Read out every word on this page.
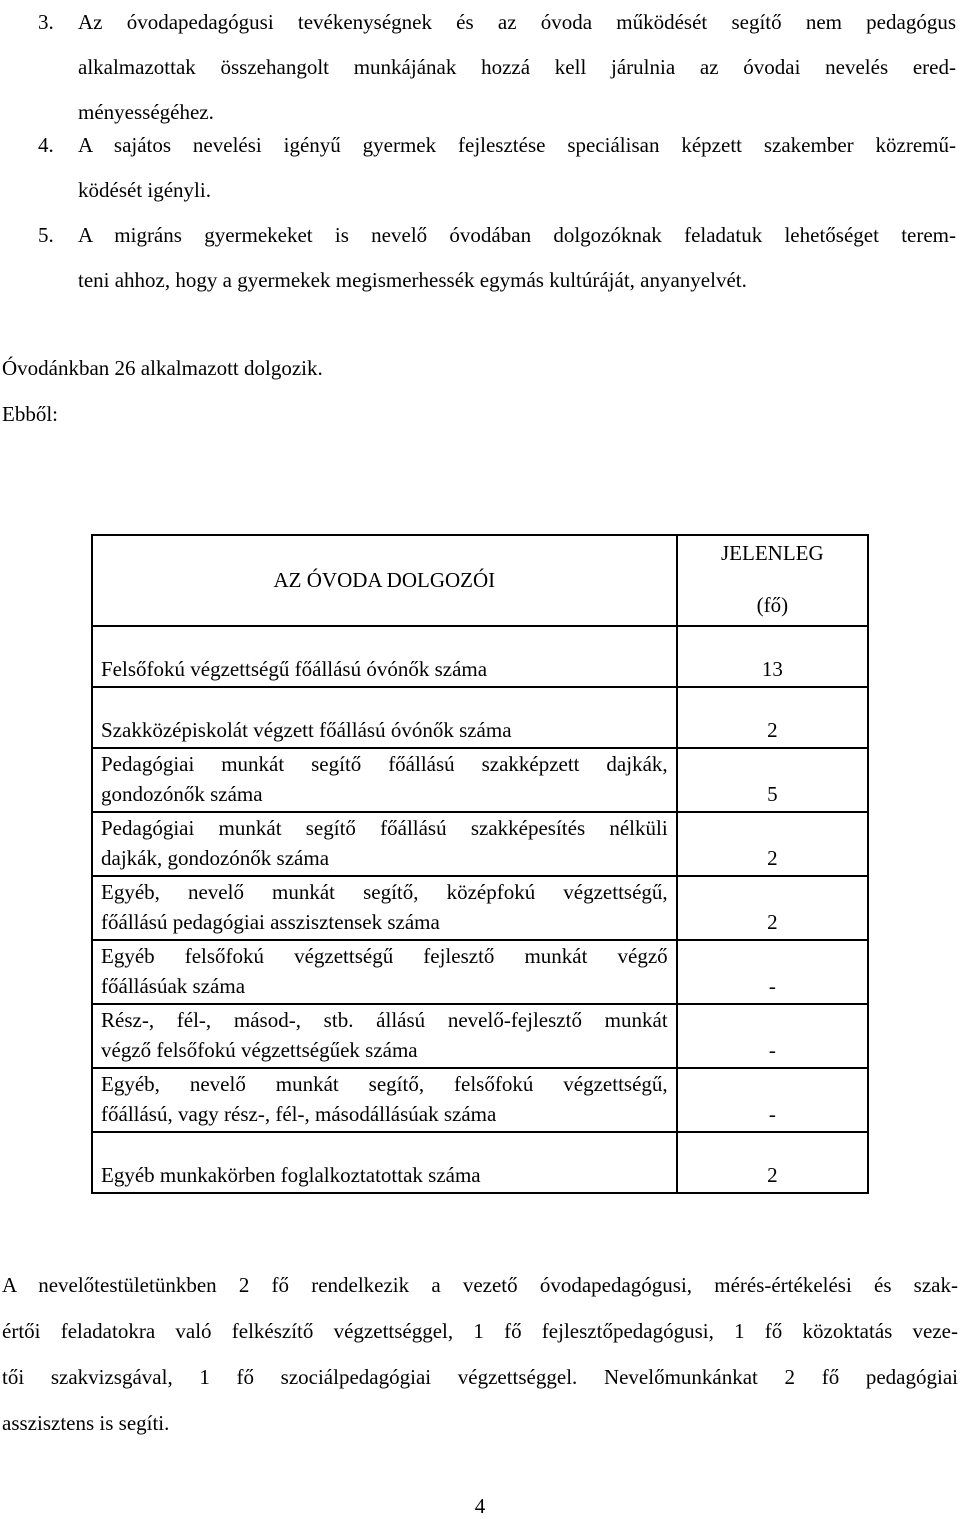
3. Az óvodapedagógusi tevékenységnek és az óvoda működését segítő nem pedagógus
alkalmazottak összehangolt munkájának hozzá kell járulnia az óvodai nevelés ered-
ményességéhez.
4. A sajátos nevelési igényű gyermek fejlesztése speciálisan képzett szakember közremű-
ködését igényli.
5. A migráns gyermekeket is nevelő óvodában dolgozóknak feladatuk lehetőséget terem-
teni ahhoz, hogy a gyermekek megismerhessék egymás kultúráját, anyanyelvét.
Óvodánkban 26 alkalmazott dolgozik.
Ebből:
AZ ÓVODA DOLGOZÓI	JELENLEG
(fő)

Felsőfokú végzettségű főállású óvónők száma	13

Szakközépiskolát végzett főállású óvónők száma	2

Pedagógiai munkát segítő főállású szakképzett dajkák,
gondozónők száma	5

Pedagógiai munkát segítő főállású szakképesítés nélküli
dajkák, gondozónők száma	2

Egyéb, nevelő munkát segítő, középfokú végzettségű,
főállású pedagógiai asszisztensek száma	2

Egyéb felsőfokú végzettségű fejlesztő munkát végző
főállásúak száma	-

Rész-, fél-, másod-, stb. állású nevelő-fejlesztő munkát
végző felsőfokú végzettségűek száma	-

Egyéb, nevelő munkát segítő, felsőfokú végzettségű,
főállású, vagy rész-, fél-, másodállásúak száma	-

Egyéb munkakörben foglalkoztatottak száma	2
A nevelőtestületünkben 2 fő rendelkezik a vezető óvodapedagógusi, mérés-értékelési és szak-
értői feladatokra való felkészítő végzettséggel, 1 fő fejlesztőpedagógusi, 1 fő közoktatás veze-
tői szakvizsgával, 1 fő szociálpedagógiai végzettséggel. Nevelőmunkánkat 2 fő pedagógiai
asszisztens is segíti.
4
